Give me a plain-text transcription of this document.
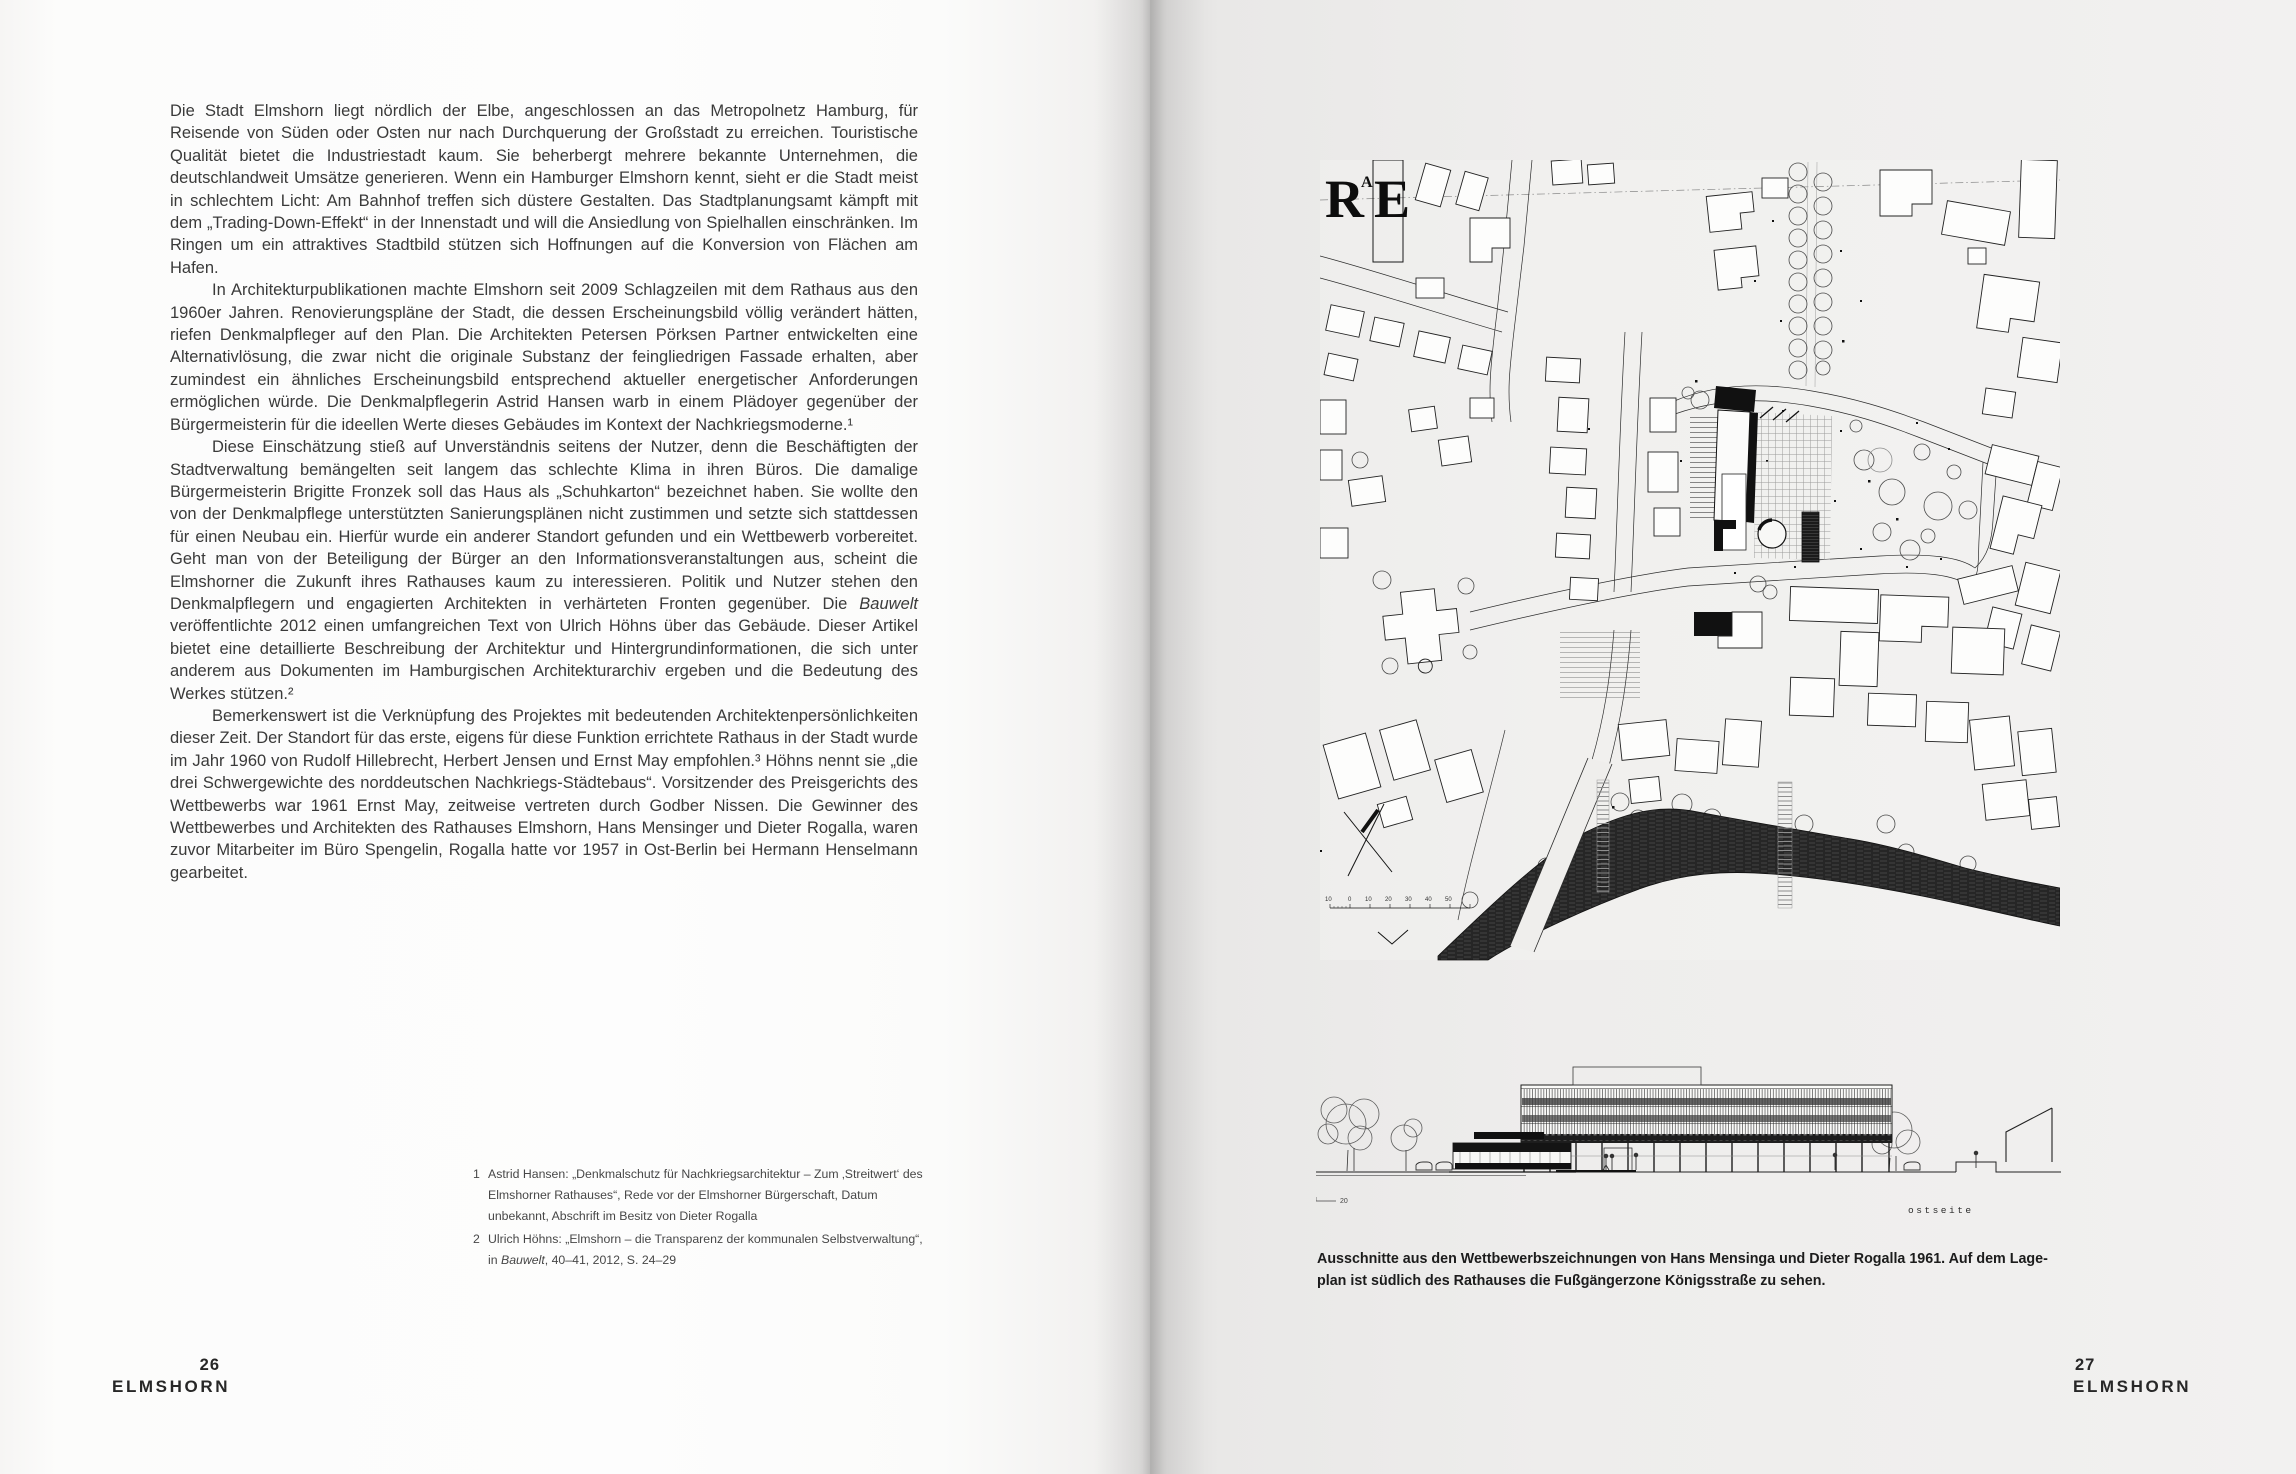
Die Stadt Elmshorn liegt nördlich der Elbe, angeschlossen an das Metropolnetz Hamburg, für Reisende von Süden oder Osten nur nach Durchquerung der Großstadt zu erreichen. Touristische Qualität bietet die Industriestadt kaum. Sie beherbergt mehrere bekannte Unternehmen, die deutschlandweit Umsätze generieren. Wenn ein Hamburger Elmshorn kennt, sieht er die Stadt meist in schlechtem Licht: Am Bahnhof treffen sich düstere Gestalten. Das Stadtplanungsamt kämpft mit dem „Trading-Down-Effekt“ in der Innenstadt und will die Ansiedlung von Spielhallen einschränken. Im Ringen um ein attraktives Stadtbild stützen sich Hoffnungen auf die Konversion von Flächen am Hafen.

In Architekturpublikationen machte Elmshorn seit 2009 Schlagzeilen mit dem Rathaus aus den 1960er Jahren. Renovierungspläne der Stadt, die dessen Erscheinungsbild völlig verändert hätten, riefen Denkmalpfleger auf den Plan. Die Architekten Petersen Pörksen Partner entwickelten eine Alternativlösung, die zwar nicht die originale Substanz der feingliedrigen Fassade erhalten, aber zumindest ein ähnliches Erscheinungsbild entsprechend aktueller energetischer Anforderungen ermöglichen würde. Die Denkmalpflegerin Astrid Hansen warb in einem Plädoyer gegenüber der Bürgermeisterin für die ideellen Werte dieses Gebäudes im Kontext der Nachkriegsmoderne.¹

Diese Einschätzung stieß auf Unverständnis seitens der Nutzer, denn die Beschäftigten der Stadtverwaltung bemängelten seit langem das schlechte Klima in ihren Büros. Die damalige Bürgermeisterin Brigitte Fronzek soll das Haus als „Schuhkarton“ bezeichnet haben. Sie wollte den von der Denkmalpflege unterstützten Sanierungsplänen nicht zustimmen und setzte sich stattdessen für einen Neubau ein. Hierfür wurde ein anderer Standort gefunden und ein Wettbewerb vorbereitet. Geht man von der Beteiligung der Bürger an den Informationsveranstaltungen aus, scheint die Elmshorner die Zukunft ihres Rathauses kaum zu interessieren. Politik und Nutzer stehen den Denkmalpflegern und engagierten Architekten in verhärteten Fronten gegenüber. Die Bauwelt veröffentlichte 2012 einen umfangreichen Text von Ulrich Höhns über das Gebäude. Dieser Artikel bietet eine detaillierte Beschreibung der Architektur und Hintergrundinformationen, die sich unter anderem aus Dokumenten im Hamburgischen Architekturarchiv ergeben und die Bedeutung des Werkes stützen.²

Bemerkenswert ist die Verknüpfung des Projektes mit bedeutenden Architektenpersönlichkeiten dieser Zeit. Der Standort für das erste, eigens für diese Funktion errichtete Rathaus in der Stadt wurde im Jahr 1960 von Rudolf Hillebrecht, Herbert Jensen und Ernst May empfohlen.³ Höhns nennt sie „die drei Schwergewichte des norddeutschen Nachkriegs-Städtebaus“. Vorsitzender des Preisgerichts des Wettbewerbs war 1961 Ernst May, zeitweise vertreten durch Godber Nissen. Die Gewinner des Wettbewerbes und Architekten des Rathauses Elmshorn, Hans Mensinger und Dieter Rogalla, waren zuvor Mitarbeiter im Büro Spengelin, Rogalla hatte vor 1957 in Ost-Berlin bei Hermann Henselmann gearbeitet.

1 Astrid Hansen: „Denkmalschutz für Nachkriegsarchitektur – Zum ‚Streitwert‘ des Elmshorner Rathauses“, Rede vor der Elmshorner Bürgerschaft, Datum unbekannt, Abschrift im Besitz von Dieter Rogalla
2 Ulrich Höhns: „Elmshorn – die Transparenz der kommunalen Selbstverwaltung“, in Bauwelt, 40–41, 2012, S. 24–29
26
ELMSHORN
R
A E
10	0 10 20 30 40 50
ostseite
20

Ausschnitte aus den Wettbewerbszeichnungen von Hans Mensinga und Dieter Rogalla 1961. Auf dem Lage-
plan ist südlich des Rathauses die Fußgängerzone Königsstraße zu sehen.

27
ELMSHORN
